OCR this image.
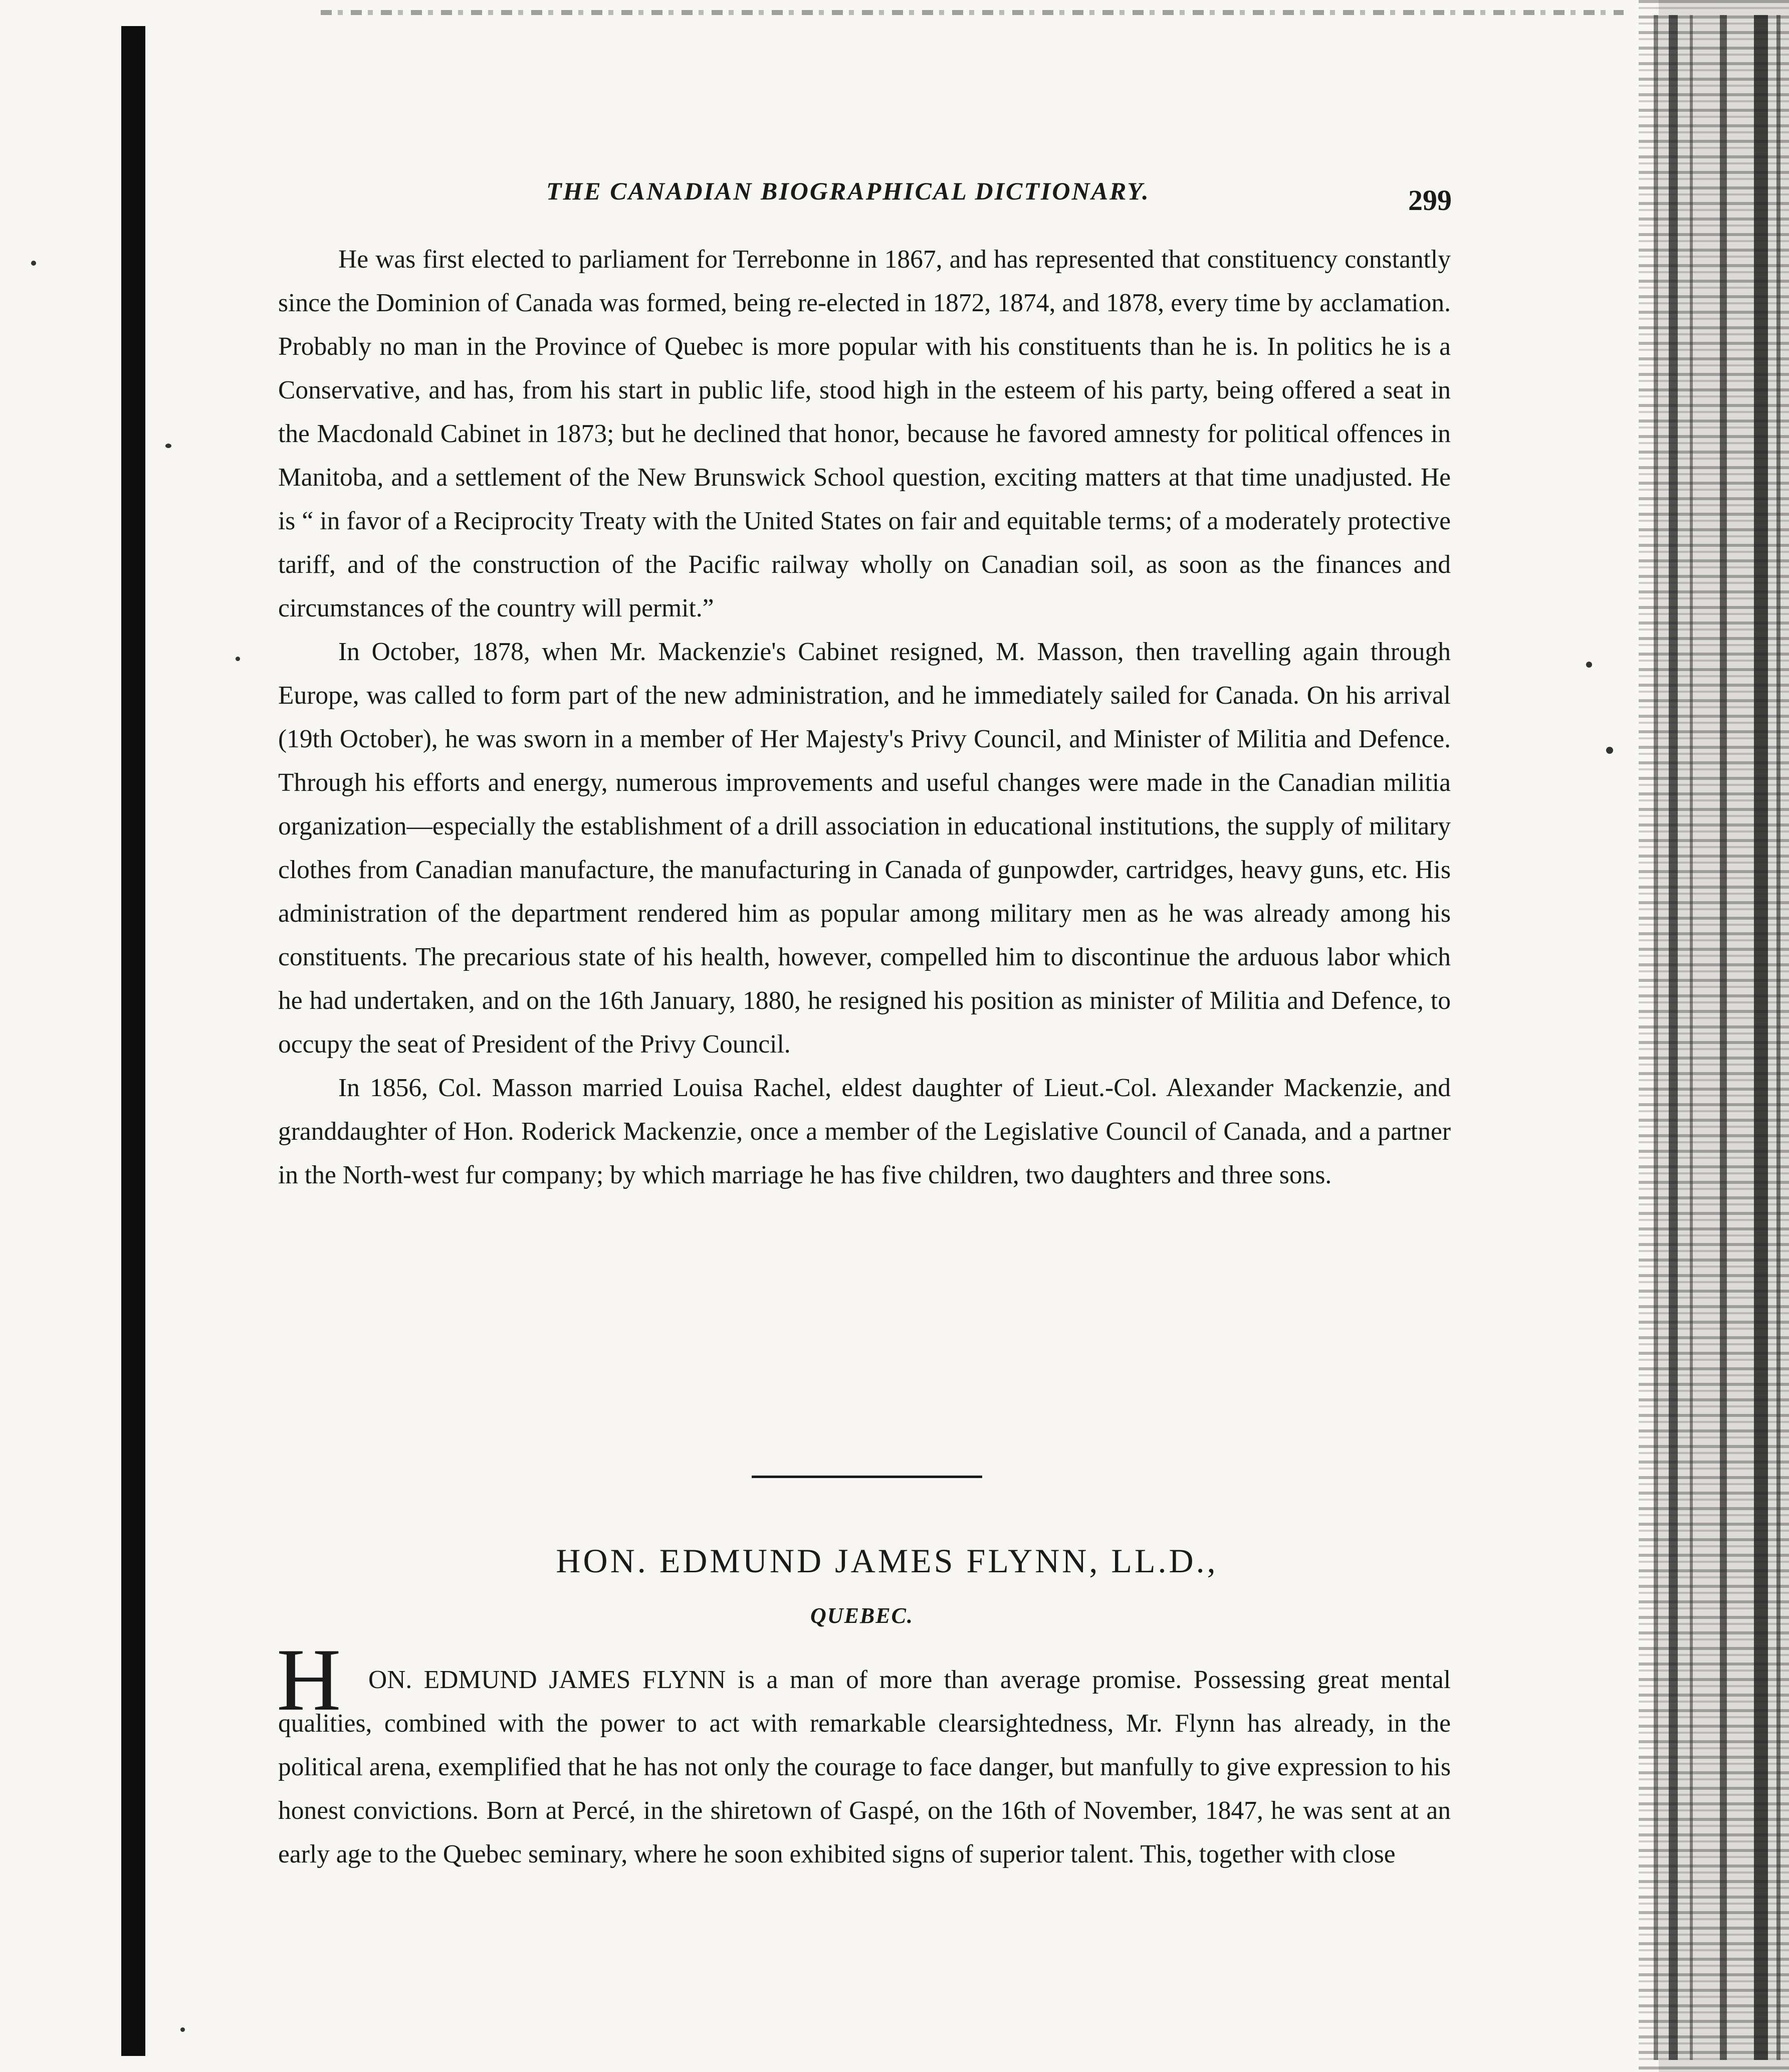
THE CANADIAN BIOGRAPHICAL DICTIONARY.	299

He was first elected to parliament for Terrebonne in 1867, and has represented that constituency constantly since the Dominion of Canada was formed, being re-elected in 1872, 1874, and 1878, every time by acclamation. Probably no man in the Province of Quebec is more popular with his constituents than he is. In politics he is a Conservative, and has, from his start in public life, stood high in the esteem of his party, being offered a seat in the Macdonald Cabinet in 1873; but he declined that honor, because he favored amnesty for political offences in Manitoba, and a settlement of the New Brunswick School question, exciting matters at that time unadjusted. He is “ in favor of a Reciprocity Treaty with the United States on fair and equitable terms; of a moderately protective tariff, and of the construction of the Pacific railway wholly on Canadian soil, as soon as the finances and circumstances of the country will permit.”

In October, 1878, when Mr. Mackenzie's Cabinet resigned, M. Masson, then travelling again through Europe, was called to form part of the new administration, and he immediately sailed for Canada. On his arrival (19th October), he was sworn in a member of Her Majesty's Privy Council, and Minister of Militia and Defence. Through his efforts and energy, numerous improvements and useful changes were made in the Canadian militia organization—especially the establishment of a drill association in educational institutions, the supply of military clothes from Canadian manufacture, the manufacturing in Canada of gunpowder, cartridges, heavy guns, etc. His administration of the department rendered him as popular among military men as he was already among his constituents. The precarious state of his health, however, compelled him to discontinue the arduous labor which he had undertaken, and on the 16th January, 1880, he resigned his position as minister of Militia and Defence, to occupy the seat of President of the Privy Council.

In 1856, Col. Masson married Louisa Rachel, eldest daughter of Lieut.-Col. Alexander Mackenzie, and granddaughter of Hon. Roderick Mackenzie, once a member of the Legislative Council of Canada, and a partner in the North-west fur company; by which marriage he has five children, two daughters and three sons.

HON. EDMUND JAMES FLYNN, LL.D.,
QUEBEC.
H	ON. EDMUND JAMES FLYNN is a man of more than average promise. Possessing great mental qualities, combined with the power to act with remarkable clearsightedness, Mr. Flynn has already, in the political arena, exemplified that he has not only the courage to face danger, but manfully to give expression to his honest convictions. Born at Percé, in the shiretown of Gaspé, on the 16th of November, 1847, he was sent at an early age to the Quebec seminary, where he soon exhibited signs of superior talent. This, together with close
